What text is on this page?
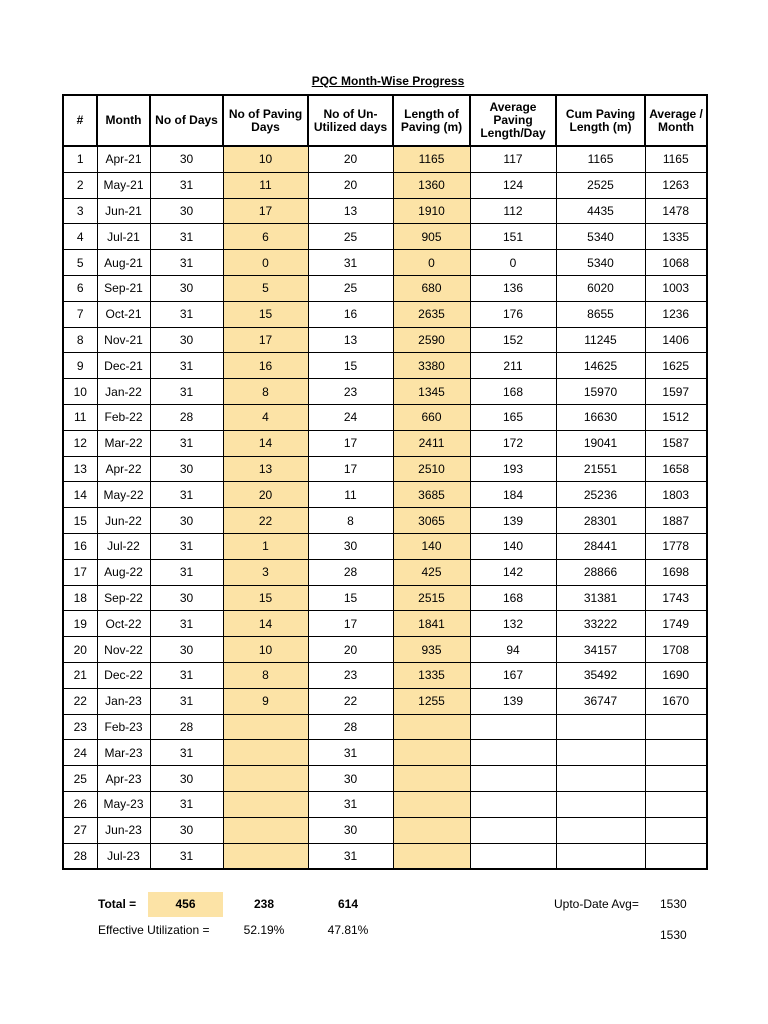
PQC Month-Wise Progress
#	Month	No of Days	No of Paving Days	No of Un-Utilized days	Length of Paving (m)	Average Paving Length/Day	Cum Paving Length (m)	Average / Month
1	Apr-21	30	10	20	1165	117	1165	1165
2	May-21	31	11	20	1360	124	2525	1263
3	Jun-21	30	17	13	1910	112	4435	1478
4	Jul-21	31	6	25	905	151	5340	1335
5	Aug-21	31	0	31	0	0	5340	1068
6	Sep-21	30	5	25	680	136	6020	1003
7	Oct-21	31	15	16	2635	176	8655	1236
8	Nov-21	30	17	13	2590	152	11245	1406
9	Dec-21	31	16	15	3380	211	14625	1625
10	Jan-22	31	8	23	1345	168	15970	1597
11	Feb-22	28	4	24	660	165	16630	1512
12	Mar-22	31	14	17	2411	172	19041	1587
13	Apr-22	30	13	17	2510	193	21551	1658
14	May-22	31	20	11	3685	184	25236	1803
15	Jun-22	30	22	8	3065	139	28301	1887
16	Jul-22	31	1	30	140	140	28441	1778
17	Aug-22	31	3	28	425	142	28866	1698
18	Sep-22	30	15	15	2515	168	31381	1743
19	Oct-22	31	14	17	1841	132	33222	1749
20	Nov-22	30	10	20	935	94	34157	1708
21	Dec-22	31	8	23	1335	167	35492	1690
22	Jan-23	31	9	22	1255	139	36747	1670
23	Feb-23	28		28				
24	Mar-23	31		31				
25	Apr-23	30		30				
26	May-23	31		31				
27	Jun-23	30		30				
28	Jul-23	31		31				
Total =	456	238	614	Upto-Date Avg= 1530
Effective Utilization =	52.19%	47.81%	1530
